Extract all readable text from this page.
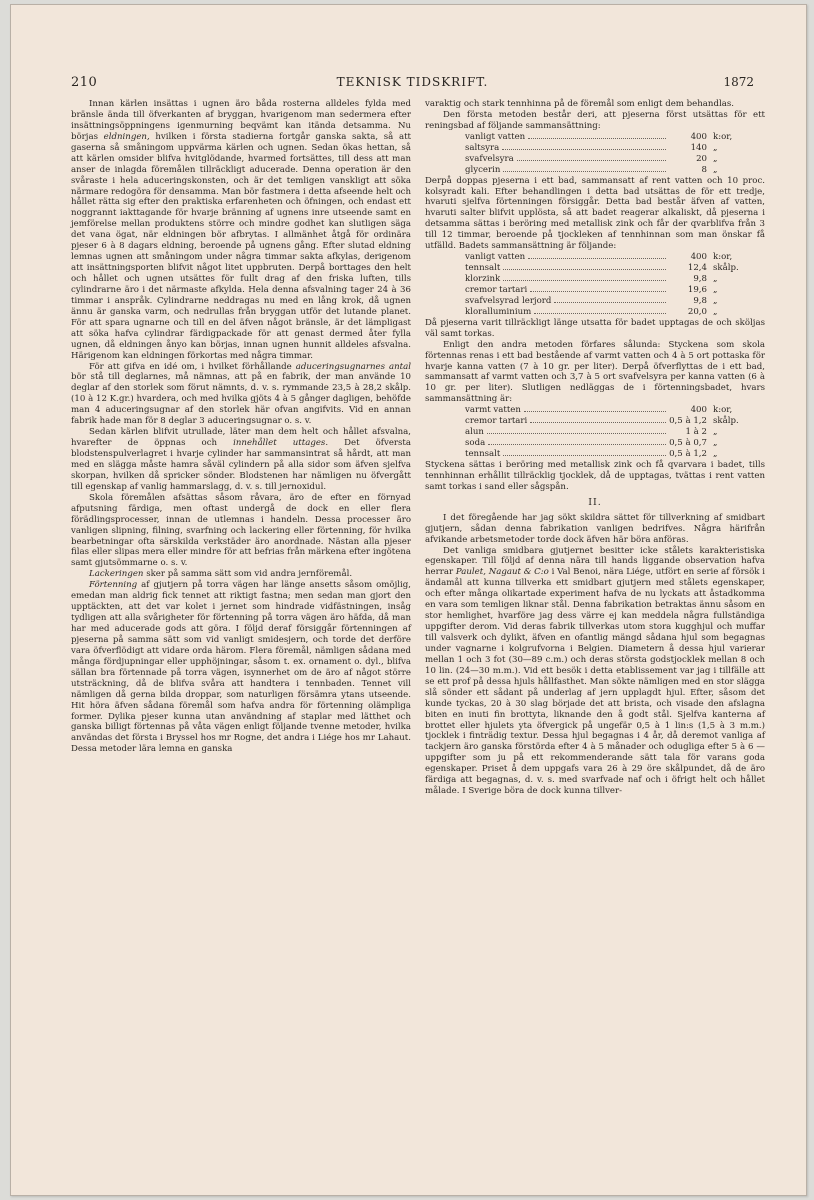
210	TEKNISK TIDSKRIFT.	1872

Innan kärlen insättas i ugnen äro båda rosterna alldeles fylda med bränsle ända till öfverkanten af bryggan, hvarigenom man sedermera efter insättningsöppningens igenmurning beqvämt kan itända detsamma. Nu börjas eldningen, hvilken i första stadierna fortgår ganska sakta, så att gaserna så småningom uppvärma kärlen och ugnen. Sedan ökas hettan, så att kärlen omsider blifva hvitglödande, hvarmed fortsättes, till dess att man anser de inlagda föremålen tillräckligt aducerade. Denna operation är den svåraste i hela aduceringskonsten, och är det temligen vanskligt att söka närmare redogöra för densamma. Man bör fastmera i detta afseende helt och hållet rätta sig efter den praktiska erfarenheten och öfningen, och endast ett noggrannt iakttagande för hvarje bränning af ugnens inre utseende samt en jemförelse mellan produktens större och mindre godhet kan slutligen säga det vana ögat, när eldningen bör afbrytas. I allmänhet åtgå för ordinära pjeser 6 à 8 dagars eldning, beroende på ugnens gång. Efter slutad eldning lemnas ugnen att småningom under några timmar sakta afkylas, derigenom att insättningsporten blifvit något litet uppbruten. Derpå borttages den helt och hållet och ugnen utsättes för fullt drag af den friska luften, tills cylindrarne äro i det närmaste afkylda. Hela denna afsvalning tager 24 à 36 timmar i anspråk. Cylindrarne neddragas nu med en lång krok, då ugnen ännu är ganska varm, och nedrullas från bryggan utför det lutande planet. För att spara ugnarne och till en del äfven något bränsle, är det lämpligast att söka hafva cylindrar färdigpackade för att genast dermed åter fylla ugnen, då eldningen ånyo kan börjas, innan ugnen hunnit alldeles afsvalna. Härigenom kan eldningen förkortas med några timmar.

För att gifva en idé om, i hvilket förhållande aduceringsugnarnes antal bör stå till deglarnes, må nämnas, att på en fabrik, der man använde 10 deglar af den storlek som förut nämnts, d. v. s. rymmande 23,5 à 28,2 skålp. (10 à 12 K.gr.) hvardera, och med hvilka gjöts 4 à 5 gånger dagligen, behöfde man 4 aduceringsugnar af den storlek här ofvan angifvits. Vid en annan fabrik hade man för 8 deglar 3 aduceringsugnar o. s. v.

Sedan kärlen blifvit utrullade, läter man dem helt och hållet afsvalna, hvarefter de öppnas och innehållet uttages. Det öfversta blodstenspulverlagret i hvarje cylinder har sammansintrat så hårdt, att man med en slägga måste hamra såväl cylindern på alla sidor som äfven sjelfva skorpan, hvilken då spricker sönder. Blodstenen har nämligen nu öfvergått till egenskap af vanlig hammarslagg, d. v. s. till jernoxidul.

Skola föremålen afsättas såsom råvara, äro de efter en förnyad afputsning färdiga, men oftast undergå de dock en eller flera förädlingsprocesser, innan de utlemnas i handeln. Dessa processer äro vanligen slipning, filning, svarfning och lackering eller förtenning, för hvilka bearbetningar ofta särskilda verkstäder äro anordnade. Nästan alla pjeser filas eller slipas mera eller mindre för att befrias från märkena efter ingötena samt gjutsömmarne o. s. v.

Lackeringen sker på samma sätt som vid andra jernföremål.

Förtenning af gjutjern på torra vägen har länge ansetts såsom omöjlig, emedan man aldrig fick tennet att riktigt fastna; men sedan man gjort den upptäckten, att det var kolet i jernet som hindrade vidfästningen, insåg tydligen att alla svårigheter för förtenning på torra vägen äro häfda, då man har med aducerade gods att göra. I följd deraf försiggår förtenningen af pjeserna på samma sätt som vid vanligt smidesjern, och torde det derföre vara öfverflödigt att vidare orda härom. Flera föremål, nämligen sådana med många fördjupningar eller upphöjningar, såsom t. ex. ornament o. dyl., blifva sällan bra förtennade på torra vägen, isynnerhet om de äro af något större utsträckning, då de blifva svåra att handtera i tennbaden. Tennet vill nämligen då gerna bilda droppar, som naturligen försämra ytans utseende. Hit höra äfven sådana föremål som hafva andra för förtenning olämpliga former. Dylika pjeser kunna utan användning af staplar med lätthet och ganska billigt förtennas på våta vägen enligt följande tvenne metoder, hvilka användas det första i Bryssel hos mr Rogne, det andra i Liége hos mr Lahaut. Dessa metoder lära lemna en ganska

varaktig och stark tennhinna på de föremål som enligt dem behandlas.

Den första metoden består deri, att pjeserna först utsättas för ett reningsbad af följande sammansättning:

vanligt vatten	400 k:or,
saltsyra	140 „
svafvelsyra	20 „
glycerin	8 „

Derpå doppas pjeserna i ett bad, sammansatt af rent vatten och 10 proc. kolsyradt kali. Efter behandlingen i detta bad utsättas de för ett tredje, hvaruti sjelfva förtenningen försiggår. Detta bad består äfven af vatten, hvaruti salter blifvit upplösta, så att badet reagerar alkaliskt, då pjeserna i detsamma sättas i beröring med metallisk zink och får der qvarblifva från 3 till 12 timmar, beroende på tjockleken af tennhinnan som man önskar få utfälld. Badets sammansättning är följande:

vanligt vatten	400 k:or,
tennsalt	12,4 skålp.
klorzink	9,8 „
cremor tartari	19,6 „
svafvelsyrad lerjord	9,8 „
kloralluminium	20,0 „

Då pjeserna varit tillräckligt länge utsatta för badet upptagas de och sköljas väl samt torkas.

Enligt den andra metoden förfares sålunda: Styckena som skola förtennas renas i ett bad bestående af varmt vatten och 4 à 5 ort pottaska för hvarje kanna vatten (7 à 10 gr. per liter). Derpå öfverflyttas de i ett bad, sammansatt af varmt vatten och 3,7 à 5 ort svafvelsyra per kanna vatten (6 à 10 gr. per liter). Slutligen nedläggas de i förtenningsbadet, hvars sammansättning är:

varmt vatten	400 k:or,
cremor tartari	0,5 à 1,2 skålp.
alun	1 à 2 „
soda	0,5 à 0,7 „
tennsalt	0,5 à 1,2 „

Styckena sättas i beröring med metallisk zink och få qvarvara i badet, tills tennhinnan erhållit tillräcklig tjocklek, då de upptagas, tvättas i rent vatten samt torkas i sand eller sågspån.

II.

I det föregående har jag sökt skildra sättet för tillverkning af smidbart gjutjern, sådan denna fabrikation vanligen bedrifves. Några härifrån afvikande arbetsmetoder torde dock äfven här böra anföras.

Det vanliga smidbara gjutjernet besitter icke stålets karakteristiska egenskaper. Till följd af denna nära till hands liggande observation hafva herrar Paulet, Nagaut & C:o i Val Benoi, nära Liége, utfört en serie af försök i ändamål att kunna tillverka ett smidbart gjutjern med stålets egenskaper, och efter många olikartade experiment hafva de nu lyckats att åstadkomma en vara som temligen liknar stål. Denna fabrikation betraktas ännu såsom en stor hemlighet, hvarföre jag dess värre ej kan meddela några fullständiga uppgifter derom. Vid deras fabrik tillverkas utom stora kugghjul och muffar till valsverk och dylikt, äfven en ofantlig mängd sådana hjul som begagnas under vagnarne i kolgrufvorna i Belgien. Diametern å dessa hjul varierar mellan 1 och 3 fot (30—89 c.m.) och deras största godstjocklek mellan 8 och 10 lin. (24—30 m.m.). Vid ett besök i detta etablissement var jag i tillfälle att se ett prof på dessa hjuls hållfasthet. Man sökte nämligen med en stor slägga slå sönder ett sådant på underlag af jern upplagdt hjul. Efter, såsom det kunde tyckas, 20 à 30 slag började det att brista, och visade den afslagna biten en inuti fin brottyta, liknande den å godt stål. Sjelfva kanterna af brottet eller hjulets yta öfvergick på ungefär 0,5 à 1 lin:s (1,5 à 3 m.m.) tjocklek i finträdig textur. Dessa hjul begagnas i 4 år, då deremot vanliga af tackjern äro ganska förstörda efter 4 à 5 månader och odugliga efter 5 à 6 — uppgifter som ju på ett rekommenderande sätt tala för varans goda egenskaper. Priset å dem uppgafs vara 26 à 29 öre skålpundet, då de äro färdiga att begagnas, d. v. s. med svarfvade naf och i öfrigt helt och hållet målade. I Sverige böra de dock kunna tillver-
